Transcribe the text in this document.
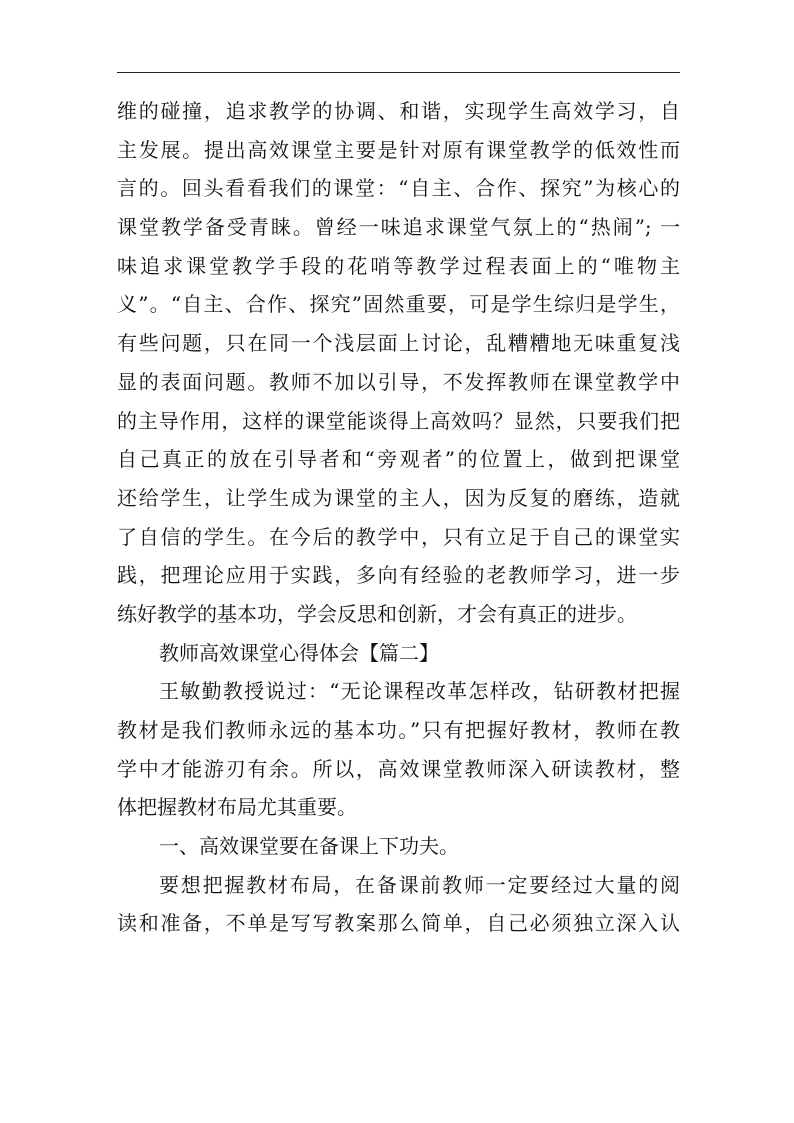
维的碰撞，追求教学的协调、和谐，实现学生高效学习，自
主发展。提出高效课堂主要是针对原有课堂教学的低效性而
言的。回头看看我们的课堂：“自主、合作、探究”为核心的
课堂教学备受青睐。曾经一味追求课堂气氛上的“热闹”; 一
味追求课堂教学手段的花哨等教学过程表面上的“唯物主
义”。“自主、合作、探究”固然重要，可是学生综归是学生，
有些问题，只在同一个浅层面上讨论，乱糟糟地无味重复浅
显的表面问题。教师不加以引导，不发挥教师在课堂教学中
的主导作用，这样的课堂能谈得上高效吗？显然，只要我们把
自己真正的放在引导者和“旁观者”的位置上，做到把课堂
还给学生，让学生成为课堂的主人，因为反复的磨练，造就
了自信的学生。在今后的教学中，只有立足于自己的课堂实
践，把理论应用于实践，多向有经验的老教师学习，进一步
练好教学的基本功，学会反思和创新，才会有真正的进步。
教师高效课堂心得体会【篇二】
王敏勤教授说过：“无论课程改革怎样改，钻研教材把握
教材是我们教师永远的基本功。”只有把握好教材，教师在教
学中才能游刃有余。所以，高效课堂教师深入研读教材，整
体把握教材布局尤其重要。
一、高效课堂要在备课上下功夫。
要想把握教材布局，在备课前教师一定要经过大量的阅
读和准备，不单是写写教案那么简单，自己必须独立深入认
